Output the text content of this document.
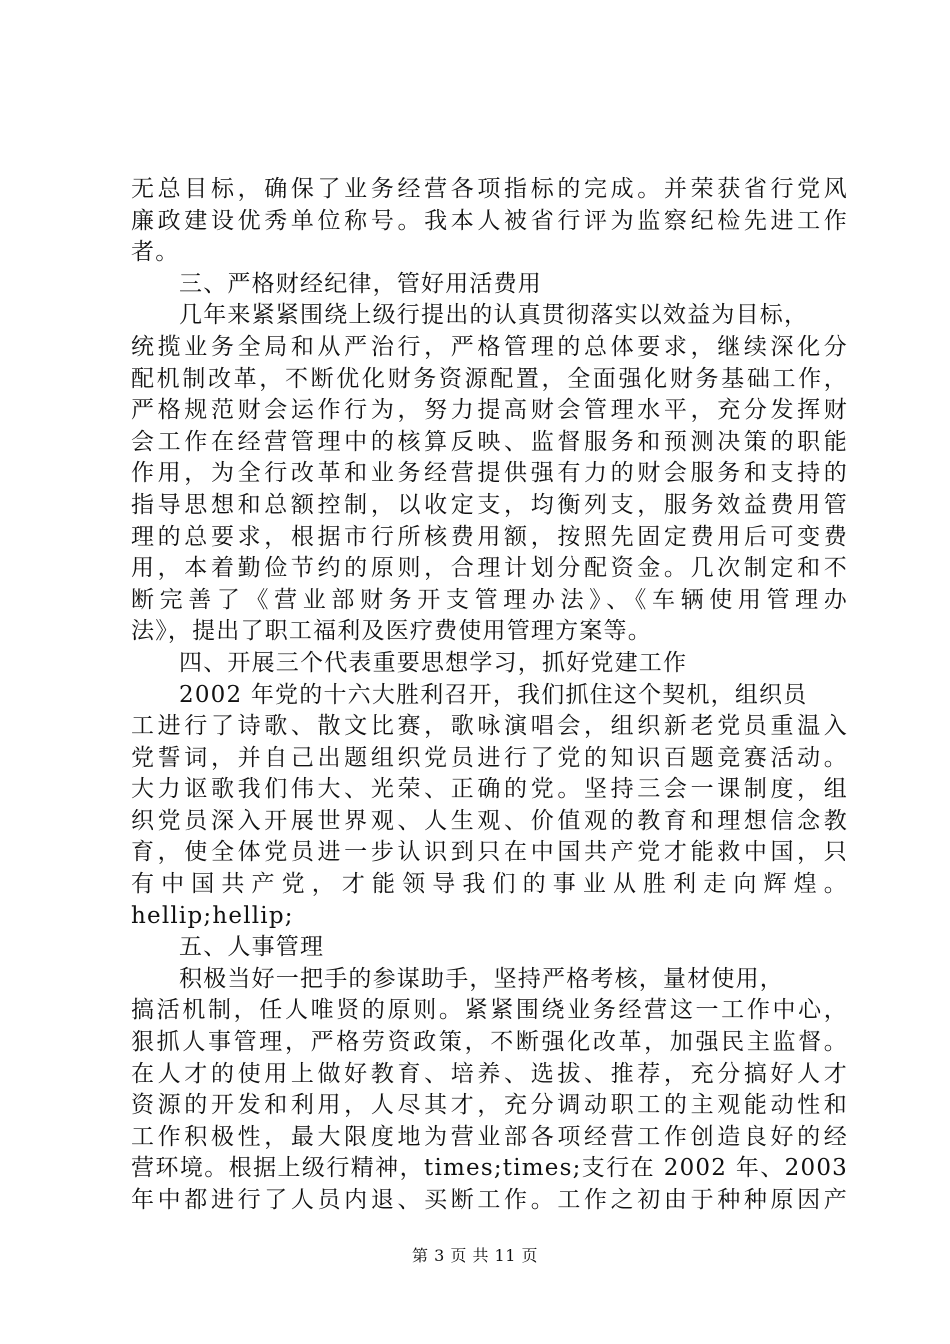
无总目标，确保了业务经营各项指标的完成。并荣获省行党风
廉政建设优秀单位称号。我本人被省行评为监察纪检先进工作
者。
三、严格财经纪律，管好用活费用
几年来紧紧围绕上级行提出的认真贯彻落实以效益为目标，
统揽业务全局和从严治行，严格管理的总体要求，继续深化分
配机制改革，不断优化财务资源配置，全面强化财务基础工作，
严格规范财会运作行为，努力提高财会管理水平，充分发挥财
会工作在经营管理中的核算反映、监督服务和预测决策的职能
作用，为全行改革和业务经营提供强有力的财会服务和支持的
指导思想和总额控制，以收定支，均衡列支，服务效益费用管
理的总要求，根据市行所核费用额，按照先固定费用后可变费
用，本着勤俭节约的原则，合理计划分配资金。几次制定和不
断完善了《营业部财务开支管理办法》、《车辆使用管理办
法》，提出了职工福利及医疗费使用管理方案等。
四、开展三个代表重要思想学习，抓好党建工作
2002 年党的十六大胜利召开，我们抓住这个契机，组织员
工进行了诗歌、散文比赛，歌咏演唱会，组织新老党员重温入
党誓词，并自己出题组织党员进行了党的知识百题竞赛活动。
大力讴歌我们伟大、光荣、正确的党。坚持三会一课制度，组
织党员深入开展世界观、人生观、价值观的教育和理想信念教
育，使全体党员进一步认识到只在中国共产党才能救中国，只
有中国共产党，才能领导我们的事业从胜利走向辉煌。
hellip;hellip;
五、人事管理
积极当好一把手的参谋助手，坚持严格考核，量材使用，
搞活机制，任人唯贤的原则。紧紧围绕业务经营这一工作中心，
狠抓人事管理，严格劳资政策，不断强化改革，加强民主监督。
在人才的使用上做好教育、培养、选拔、推荐，充分搞好人才
资源的开发和利用，人尽其才，充分调动职工的主观能动性和
工作积极性，最大限度地为营业部各项经营工作创造良好的经
营环境。根据上级行精神，times;times;支行在 2002 年、2003
年中都进行了人员内退、买断工作。工作之初由于种种原因产
第 3 页 共 11 页
